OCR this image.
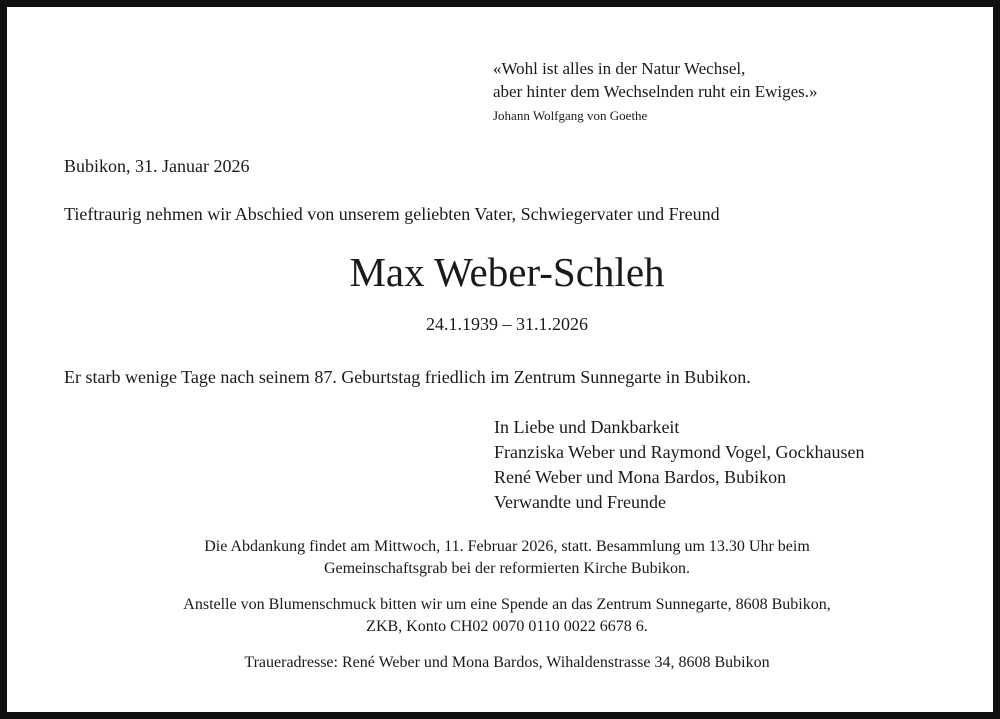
«Wohl ist alles in der Natur Wechsel,
aber hinter dem Wechselnden ruht ein Ewiges.»
Johann Wolfgang von Goethe
Bubikon, 31. Januar 2026
Tieftraurig nehmen wir Abschied von unserem geliebten Vater, Schwiegervater und Freund
Max Weber-Schleh
24.1.1939 – 31.1.2026
Er starb wenige Tage nach seinem 87. Geburtstag friedlich im Zentrum Sunnegarte in Bubikon.
In Liebe und Dankbarkeit
Franziska Weber und Raymond Vogel, Gockhausen
René Weber und Mona Bardos, Bubikon
Verwandte und Freunde
Die Abdankung findet am Mittwoch, 11. Februar 2026, statt. Besammlung um 13.30 Uhr beim
Gemeinschaftsgrab bei der reformierten Kirche Bubikon.
Anstelle von Blumenschmuck bitten wir um eine Spende an das Zentrum Sunnegarte, 8608 Bubikon,
ZKB, Konto CH02 0070 0110 0022 6678 6.
Traueradresse: René Weber und Mona Bardos, Wihaldenstrasse 34, 8608 Bubikon
